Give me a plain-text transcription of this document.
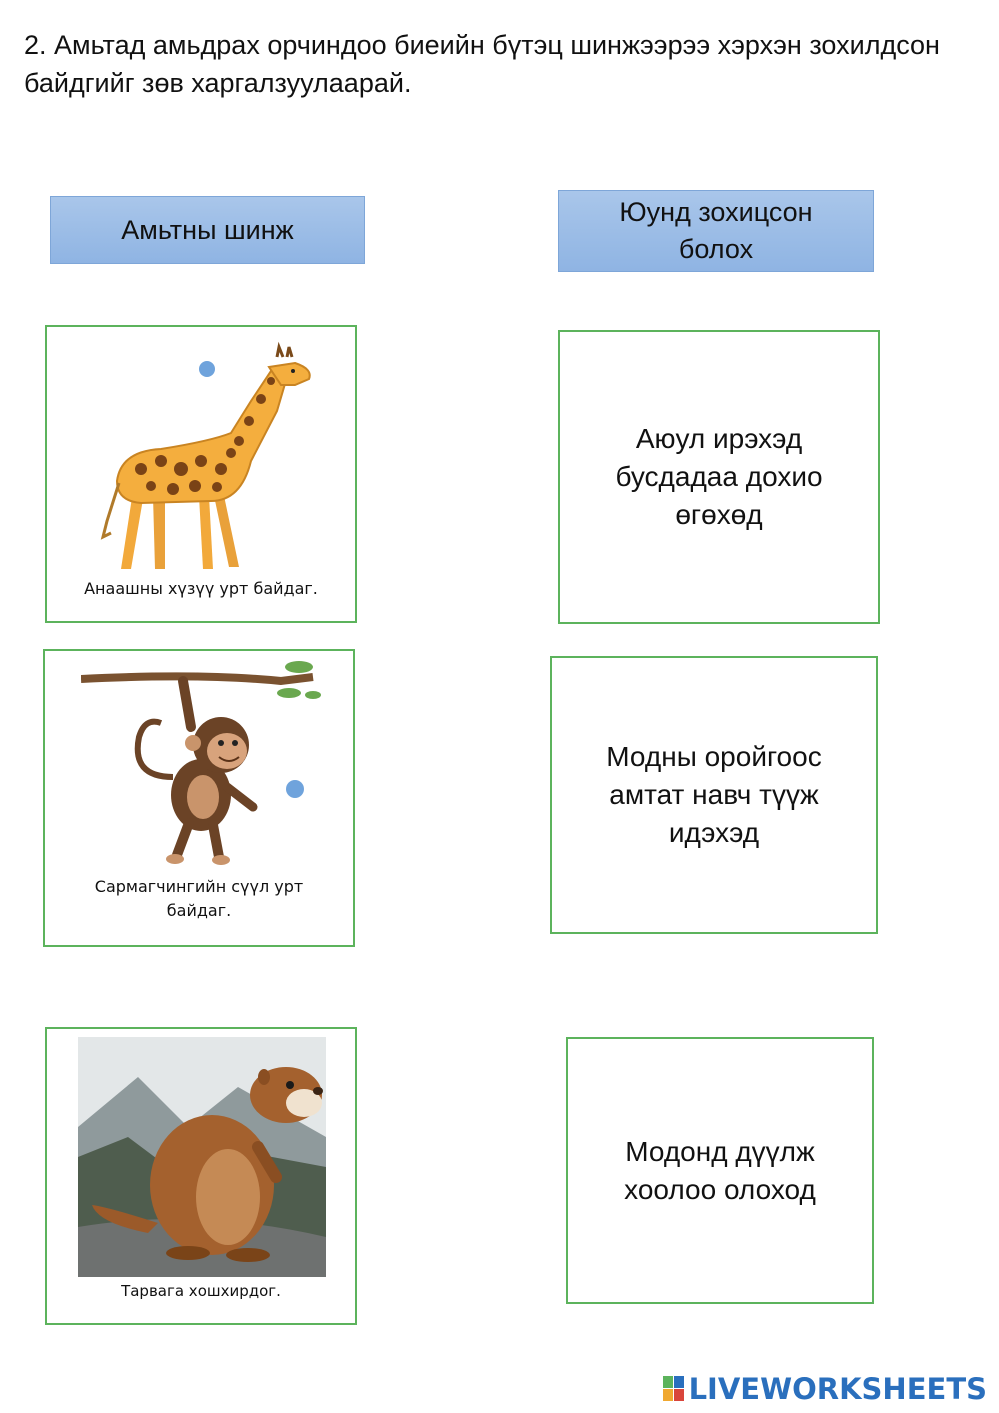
2. Амьтад амьдрах орчиндоо биеийн бүтэц шинжээрээ хэрхэн зохилдсон байдгийг зөв харгалзуулаарай.
Амьтны шинж
Юунд зохицсон
болох
Анаашны хүзүү урт байдаг.
Сармагчингийн сүүл урт байдаг.
Тарвага хошхирдог.
Аюул ирэхэд
бусдадаа дохио
өгөхөд
Модны оройгоос
амтат навч түүж
идэхэд
Модонд дүүлж
хоолоо олоход
LIVEWORKSHEETS
